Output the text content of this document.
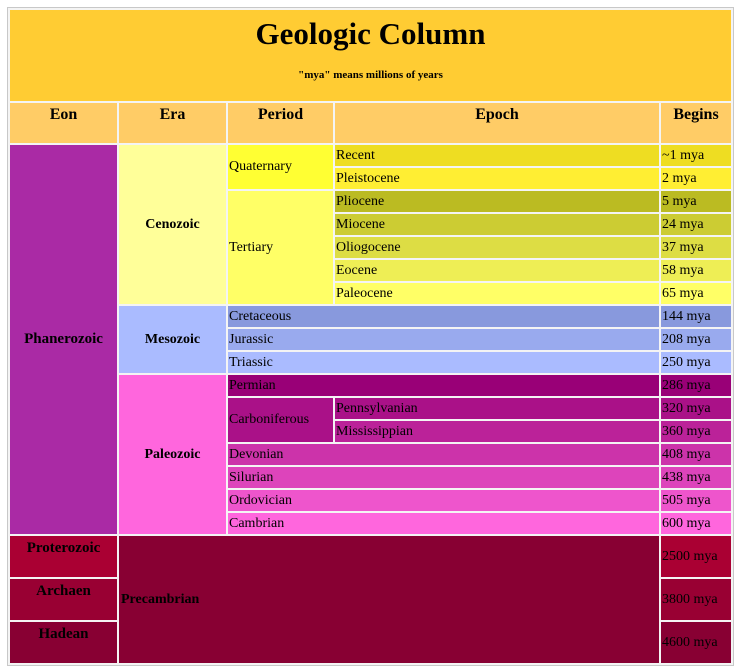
Geologic Column
"mya" means millions of years				

Eon	Era	Period	Epoch	Begins
Phanerozoic	Cenozoic	Quaternary	Recent	~1 mya
			Pleistocene	2 mya
		Tertiary	Pliocene	5 mya
			Miocene	24 mya
			Oliogocene	37 mya
			Eocene	58 mya
			Paleocene	65 mya
	Mesozoic	Cretaceous		144 mya
		Jurassic		208 mya
		Triassic		250 mya
	Paleozoic	Permian		286 mya
		Carboniferous	Pennsylvanian	320 mya
			Mississippian	360 mya
		Devonian		408 mya
		Silurian		438 mya
		Ordovician		505 mya
		Cambrian		600 mya
Proterozoic	Precambrian			2500 mya
Archaen				3800 mya
Hadean				4600 mya
